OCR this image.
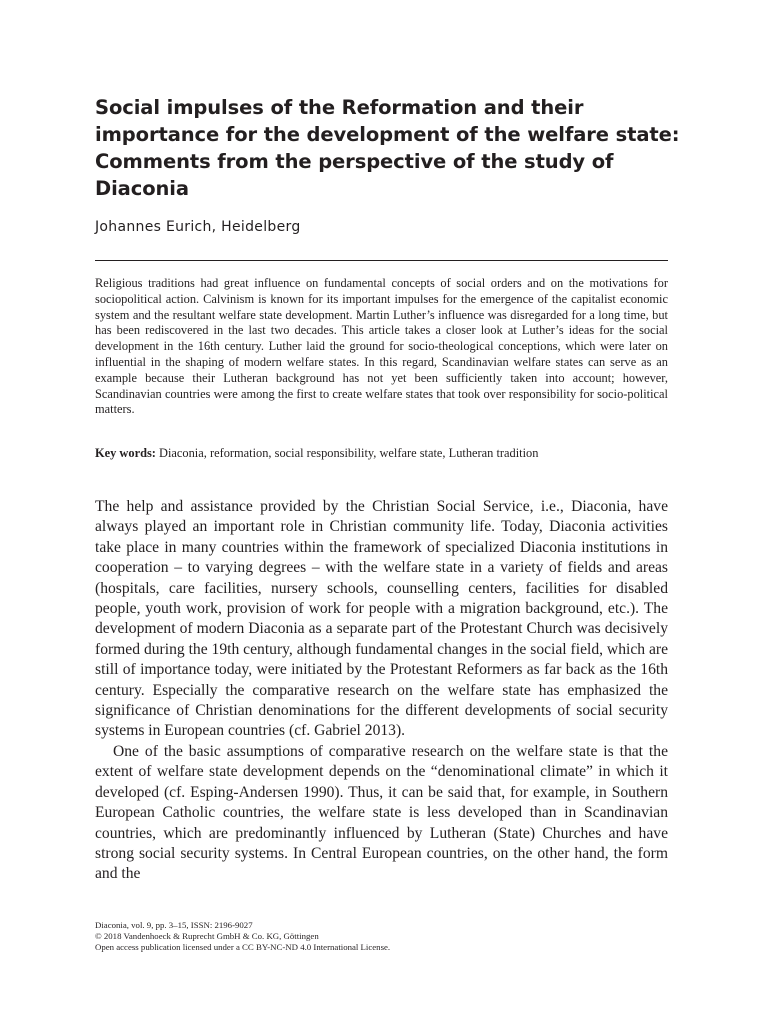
Social impulses of the Reformation and their importance for the development of the welfare state: Comments from the perspective of the study of Diaconia
Johannes Eurich, Heidelberg

Religious traditions had great influence on fundamental concepts of social orders and on the motivations for sociopolitical action. Calvinism is known for its important impulses for the emergence of the capitalist economic system and the resultant welfare state development. Martin Luther’s influence was disregarded for a long time, but has been rediscovered in the last two decades. This article takes a closer look at Luther’s ideas for the social development in the 16th century. Luther laid the ground for socio-theological conceptions, which were later on influential in the shaping of modern welfare states. In this regard, Scandinavian welfare states can serve as an example because their Lutheran background has not yet been sufficiently taken into account; however, Scandinavian countries were among the first to create welfare states that took over responsibility for socio-political matters.

Key words: Diaconia, reformation, social responsibility, welfare state, Lutheran tradition

The help and assistance provided by the Christian Social Service, i.e., Diaconia, have always played an important role in Christian community life. Today, Diaconia activities take place in many countries within the framework of specialized Diaconia institutions in cooperation – to varying degrees – with the welfare state in a variety of fields and areas (hospitals, care facilities, nursery schools, counselling centers, facilities for disabled people, youth work, provision of work for people with a migration background, etc.). The development of modern Diaconia as a separate part of the Protestant Church was decisively formed during the 19th century, although fundamental changes in the social field, which are still of importance today, were initiated by the Protestant Reformers as far back as the 16th century. Especially the comparative research on the welfare state has emphasized the significance of Christian denominations for the different developments of social security systems in European countries (cf. Gabriel 2013).

One of the basic assumptions of comparative research on the welfare state is that the extent of welfare state development depends on the “denominational climate” in which it developed (cf. Esping-Andersen 1990). Thus, it can be said that, for example, in Southern European Catholic countries, the welfare state is less developed than in Scandinavian countries, which are predominantly influenced by Lutheran (State) Churches and have strong social security systems. In Central European countries, on the other hand, the form and the

Diaconia, vol. 9, pp. 3–15, ISSN: 2196-9027
© 2018 Vandenhoeck & Ruprecht GmbH & Co. KG, Göttingen
Open access publication licensed under a CC BY-NC-ND 4.0 International License.
